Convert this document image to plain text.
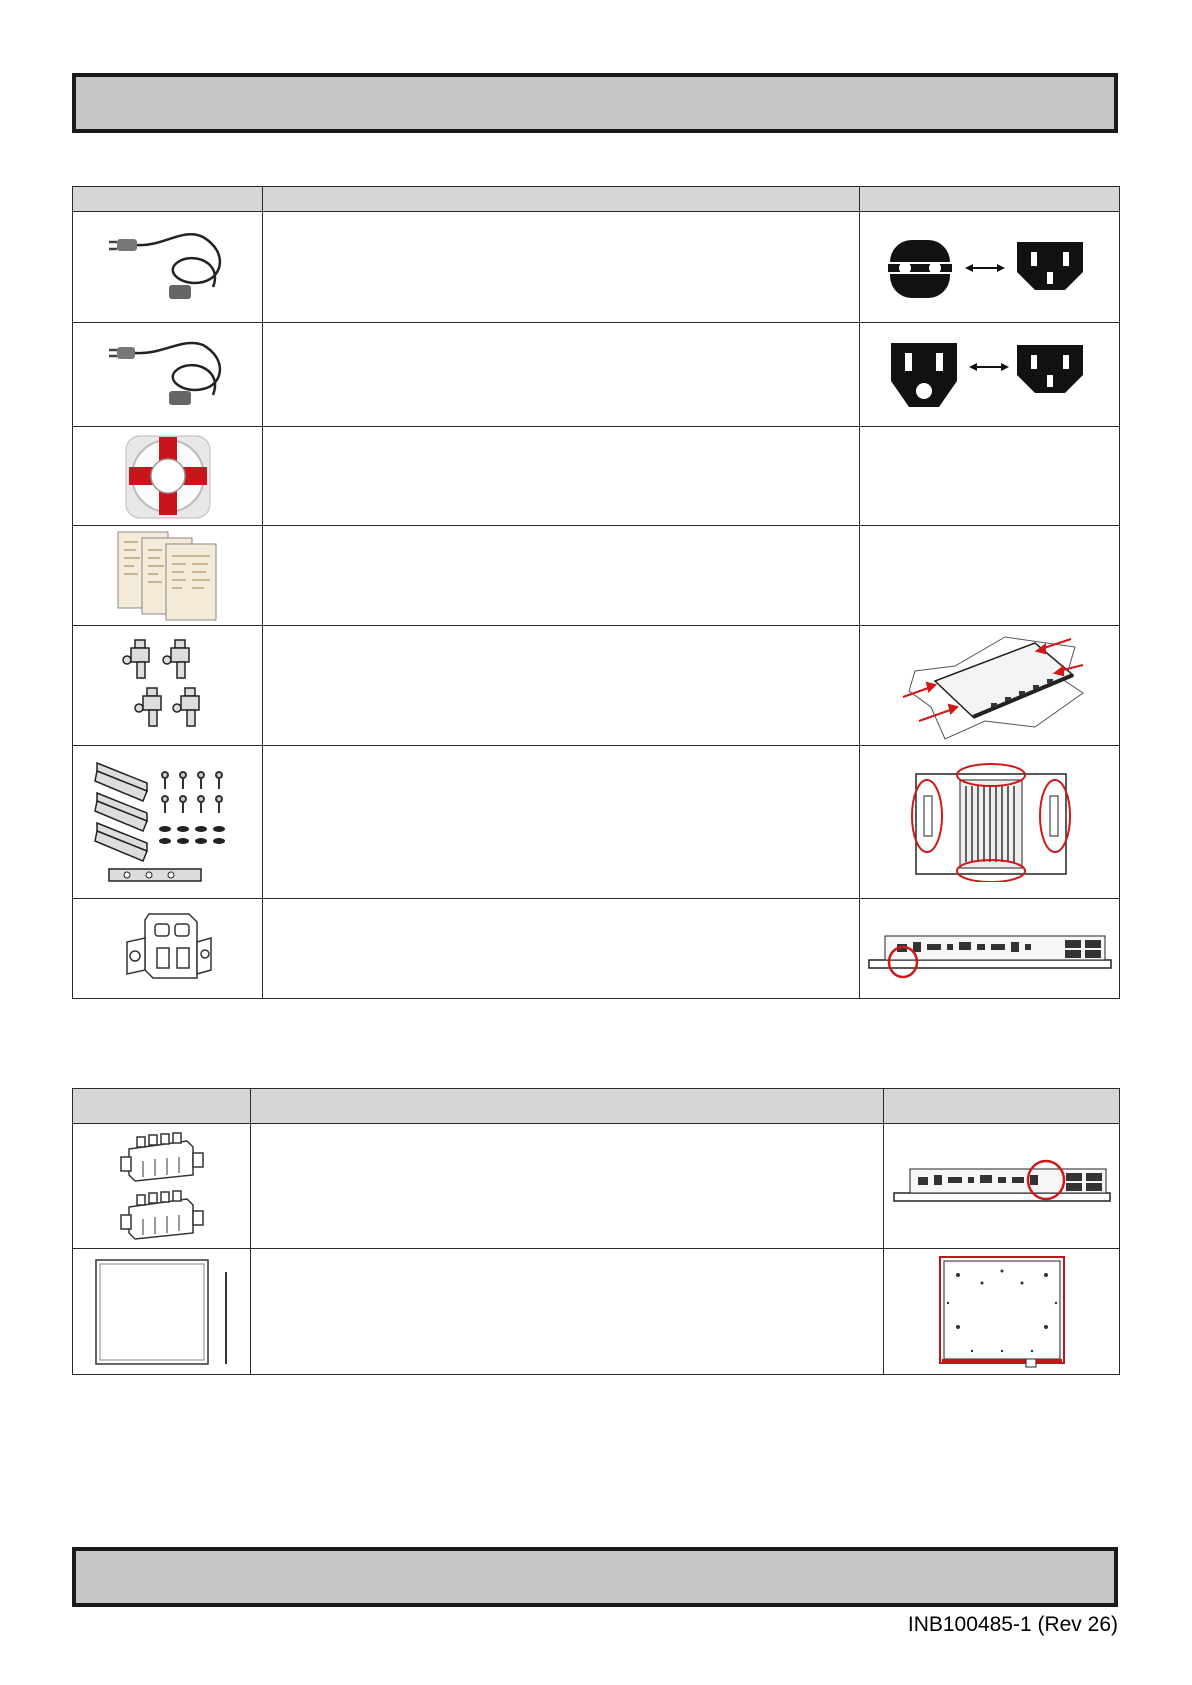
INB100485-1 (Rev 26)
